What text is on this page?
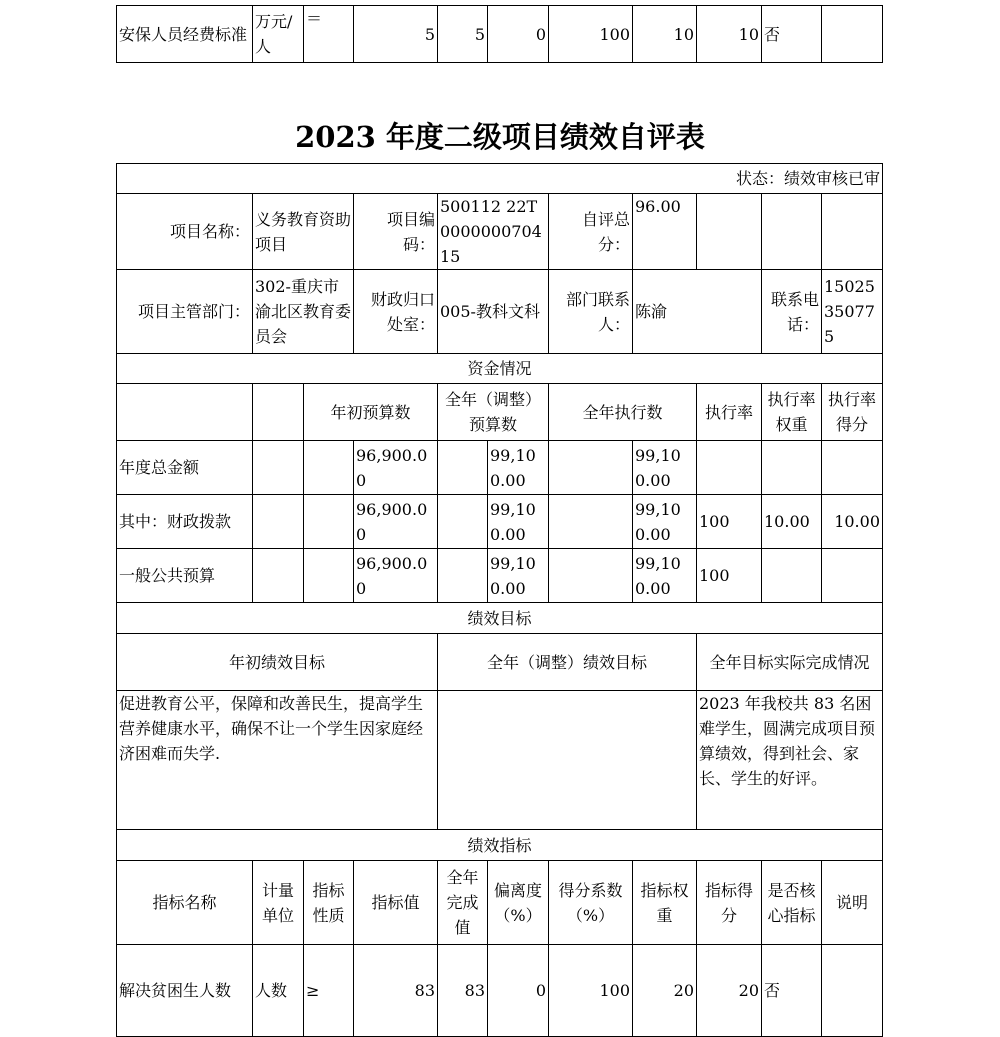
安保人员经费标准	万元/人	＝	5	5	0	100	10	10	否	
2023 年度二级项目绩效自评表
状态：绩效审核已审										
项目名称：	义务教育资助项目		项目编码：	500112 22T000000070415		自评总分：	96.00			
项目主管部门：	302-重庆市渝北区教育委员会		财政归口处室：	005-教科文科		部门联系人：	陈渝		联系电话：	15025350775
资金情况										
		年初预算数		全年（调整）预算数		全年执行数		执行率	执行率权重	执行率得分
年度总金额			96,900.00		99,100.00		99,100.00			
其中：财政拨款			96,900.00		99,100.00		99,100.00	100	10.00	10.00
一般公共预算			96,900.00		99,100.00		99,100.00	100		
绩效目标										
年初绩效目标				全年（调整）绩效目标				全年目标实际完成情况		
促进教育公平，保障和改善民生，提高学生营养健康水平，确保不让一个学生因家庭经济困难而失学.								2023 年我校共 83 名困难学生，圆满完成项目预算绩效，得到社会、家长、学生的好评。		
绩效指标										
指标名称	计量单位	指标性质	指标值	全年完成值	偏离度（%）	得分系数（%）	指标权重	指标得分	是否核心指标	说明
解决贫困生人数	人数	≥	83	83	0	100	20	20	否	
